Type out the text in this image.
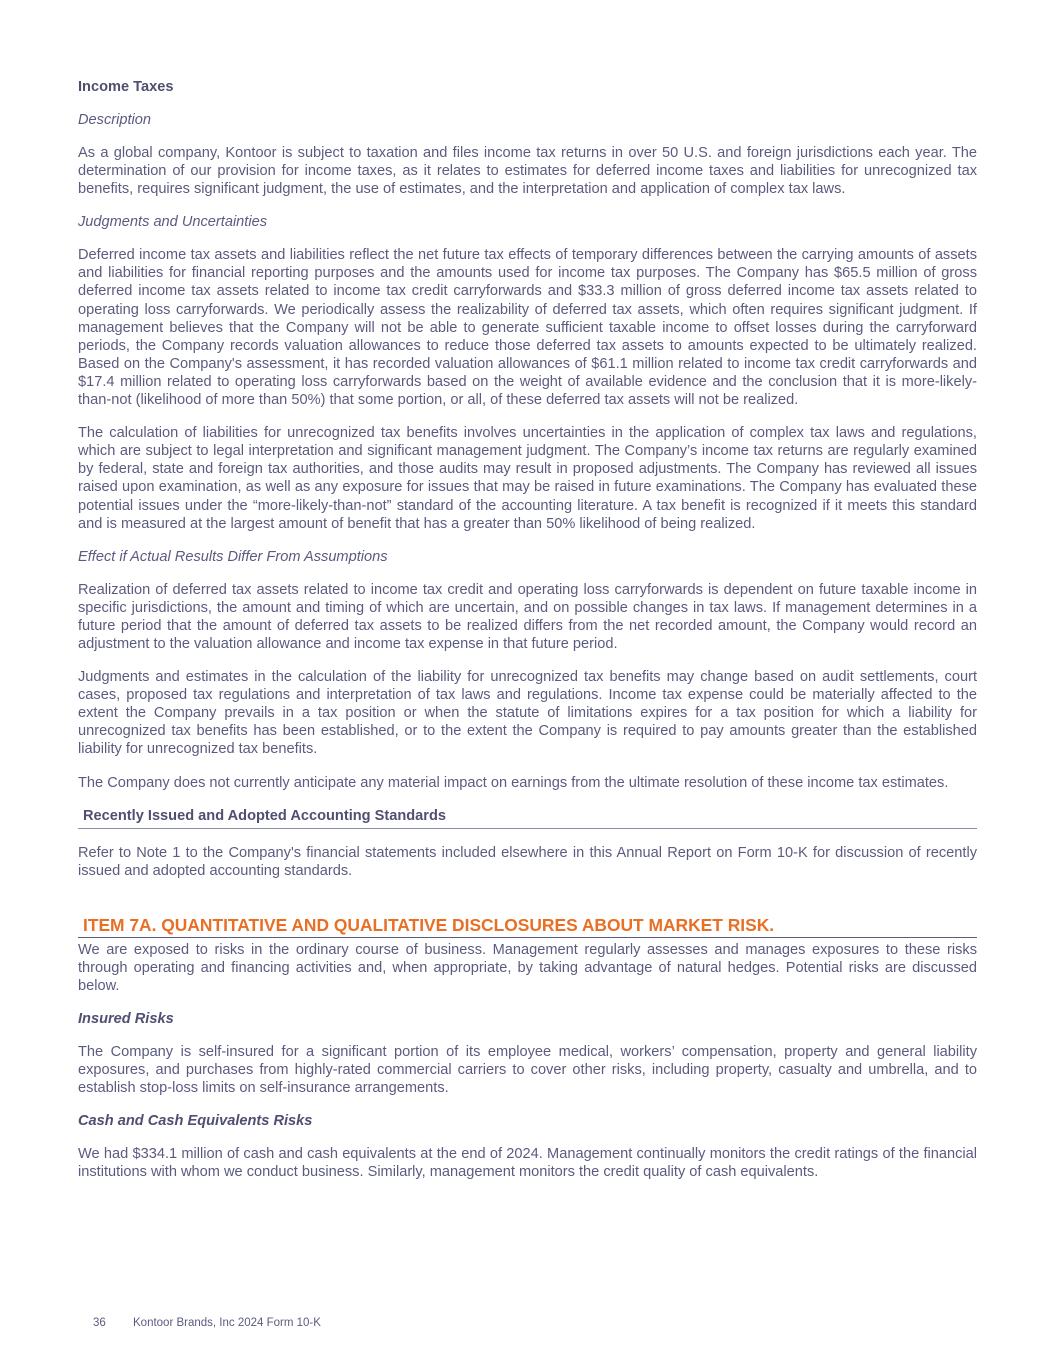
Income Taxes
Description

As a global company, Kontoor is subject to taxation and files income tax returns in over 50 U.S. and foreign jurisdictions each year. The determination of our provision for income taxes, as it relates to estimates for deferred income taxes and liabilities for unrecognized tax benefits, requires significant judgment, the use of estimates, and the interpretation and application of complex tax laws.

Judgments and Uncertainties

Deferred income tax assets and liabilities reflect the net future tax effects of temporary differences between the carrying amounts of assets and liabilities for financial reporting purposes and the amounts used for income tax purposes. The Company has $65.5 million of gross deferred income tax assets related to income tax credit carryforwards and $33.3 million of gross deferred income tax assets related to operating loss carryforwards. We periodically assess the realizability of deferred tax assets, which often requires significant judgment. If management believes that the Company will not be able to generate sufficient taxable income to offset losses during the carryforward periods, the Company records valuation allowances to reduce those deferred tax assets to amounts expected to be ultimately realized. Based on the Company's assessment, it has recorded valuation allowances of $61.1 million related to income tax credit carryforwards and $17.4 million related to operating loss carryforwards based on the weight of available evidence and the conclusion that it is more-likely-than-not (likelihood of more than 50%) that some portion, or all, of these deferred tax assets will not be realized.

The calculation of liabilities for unrecognized tax benefits involves uncertainties in the application of complex tax laws and regulations, which are subject to legal interpretation and significant management judgment. The Company’s income tax returns are regularly examined by federal, state and foreign tax authorities, and those audits may result in proposed adjustments. The Company has reviewed all issues raised upon examination, as well as any exposure for issues that may be raised in future examinations. The Company has evaluated these potential issues under the “more-likely-than-not” standard of the accounting literature. A tax benefit is recognized if it meets this standard and is measured at the largest amount of benefit that has a greater than 50% likelihood of being realized.

Effect if Actual Results Differ From Assumptions

Realization of deferred tax assets related to income tax credit and operating loss carryforwards is dependent on future taxable income in specific jurisdictions, the amount and timing of which are uncertain, and on possible changes in tax laws. If management determines in a future period that the amount of deferred tax assets to be realized differs from the net recorded amount, the Company would record an adjustment to the valuation allowance and income tax expense in that future period.

Judgments and estimates in the calculation of the liability for unrecognized tax benefits may change based on audit settlements, court cases, proposed tax regulations and interpretation of tax laws and regulations. Income tax expense could be materially affected to the extent the Company prevails in a tax position or when the statute of limitations expires for a tax position for which a liability for unrecognized tax benefits has been established, or to the extent the Company is required to pay amounts greater than the established liability for unrecognized tax benefits.

The Company does not currently anticipate any material impact on earnings from the ultimate resolution of these income tax estimates.

Recently Issued and Adopted Accounting Standards

Refer to Note 1 to the Company's financial statements included elsewhere in this Annual Report on Form 10-K for discussion of recently issued and adopted accounting standards.

ITEM 7A. QUANTITATIVE AND QUALITATIVE DISCLOSURES ABOUT MARKET RISK.

We are exposed to risks in the ordinary course of business. Management regularly assesses and manages exposures to these risks through operating and financing activities and, when appropriate, by taking advantage of natural hedges. Potential risks are discussed below.

Insured Risks

The Company is self-insured for a significant portion of its employee medical, workers’ compensation, property and general liability exposures, and purchases from highly-rated commercial carriers to cover other risks, including property, casualty and umbrella, and to establish stop-loss limits on self-insurance arrangements.

Cash and Cash Equivalents Risks

We had $334.1 million of cash and cash equivalents at the end of 2024. Management continually monitors the credit ratings of the financial institutions with whom we conduct business. Similarly, management monitors the credit quality of cash equivalents.

36 Kontoor Brands, Inc 2024 Form 10-K
